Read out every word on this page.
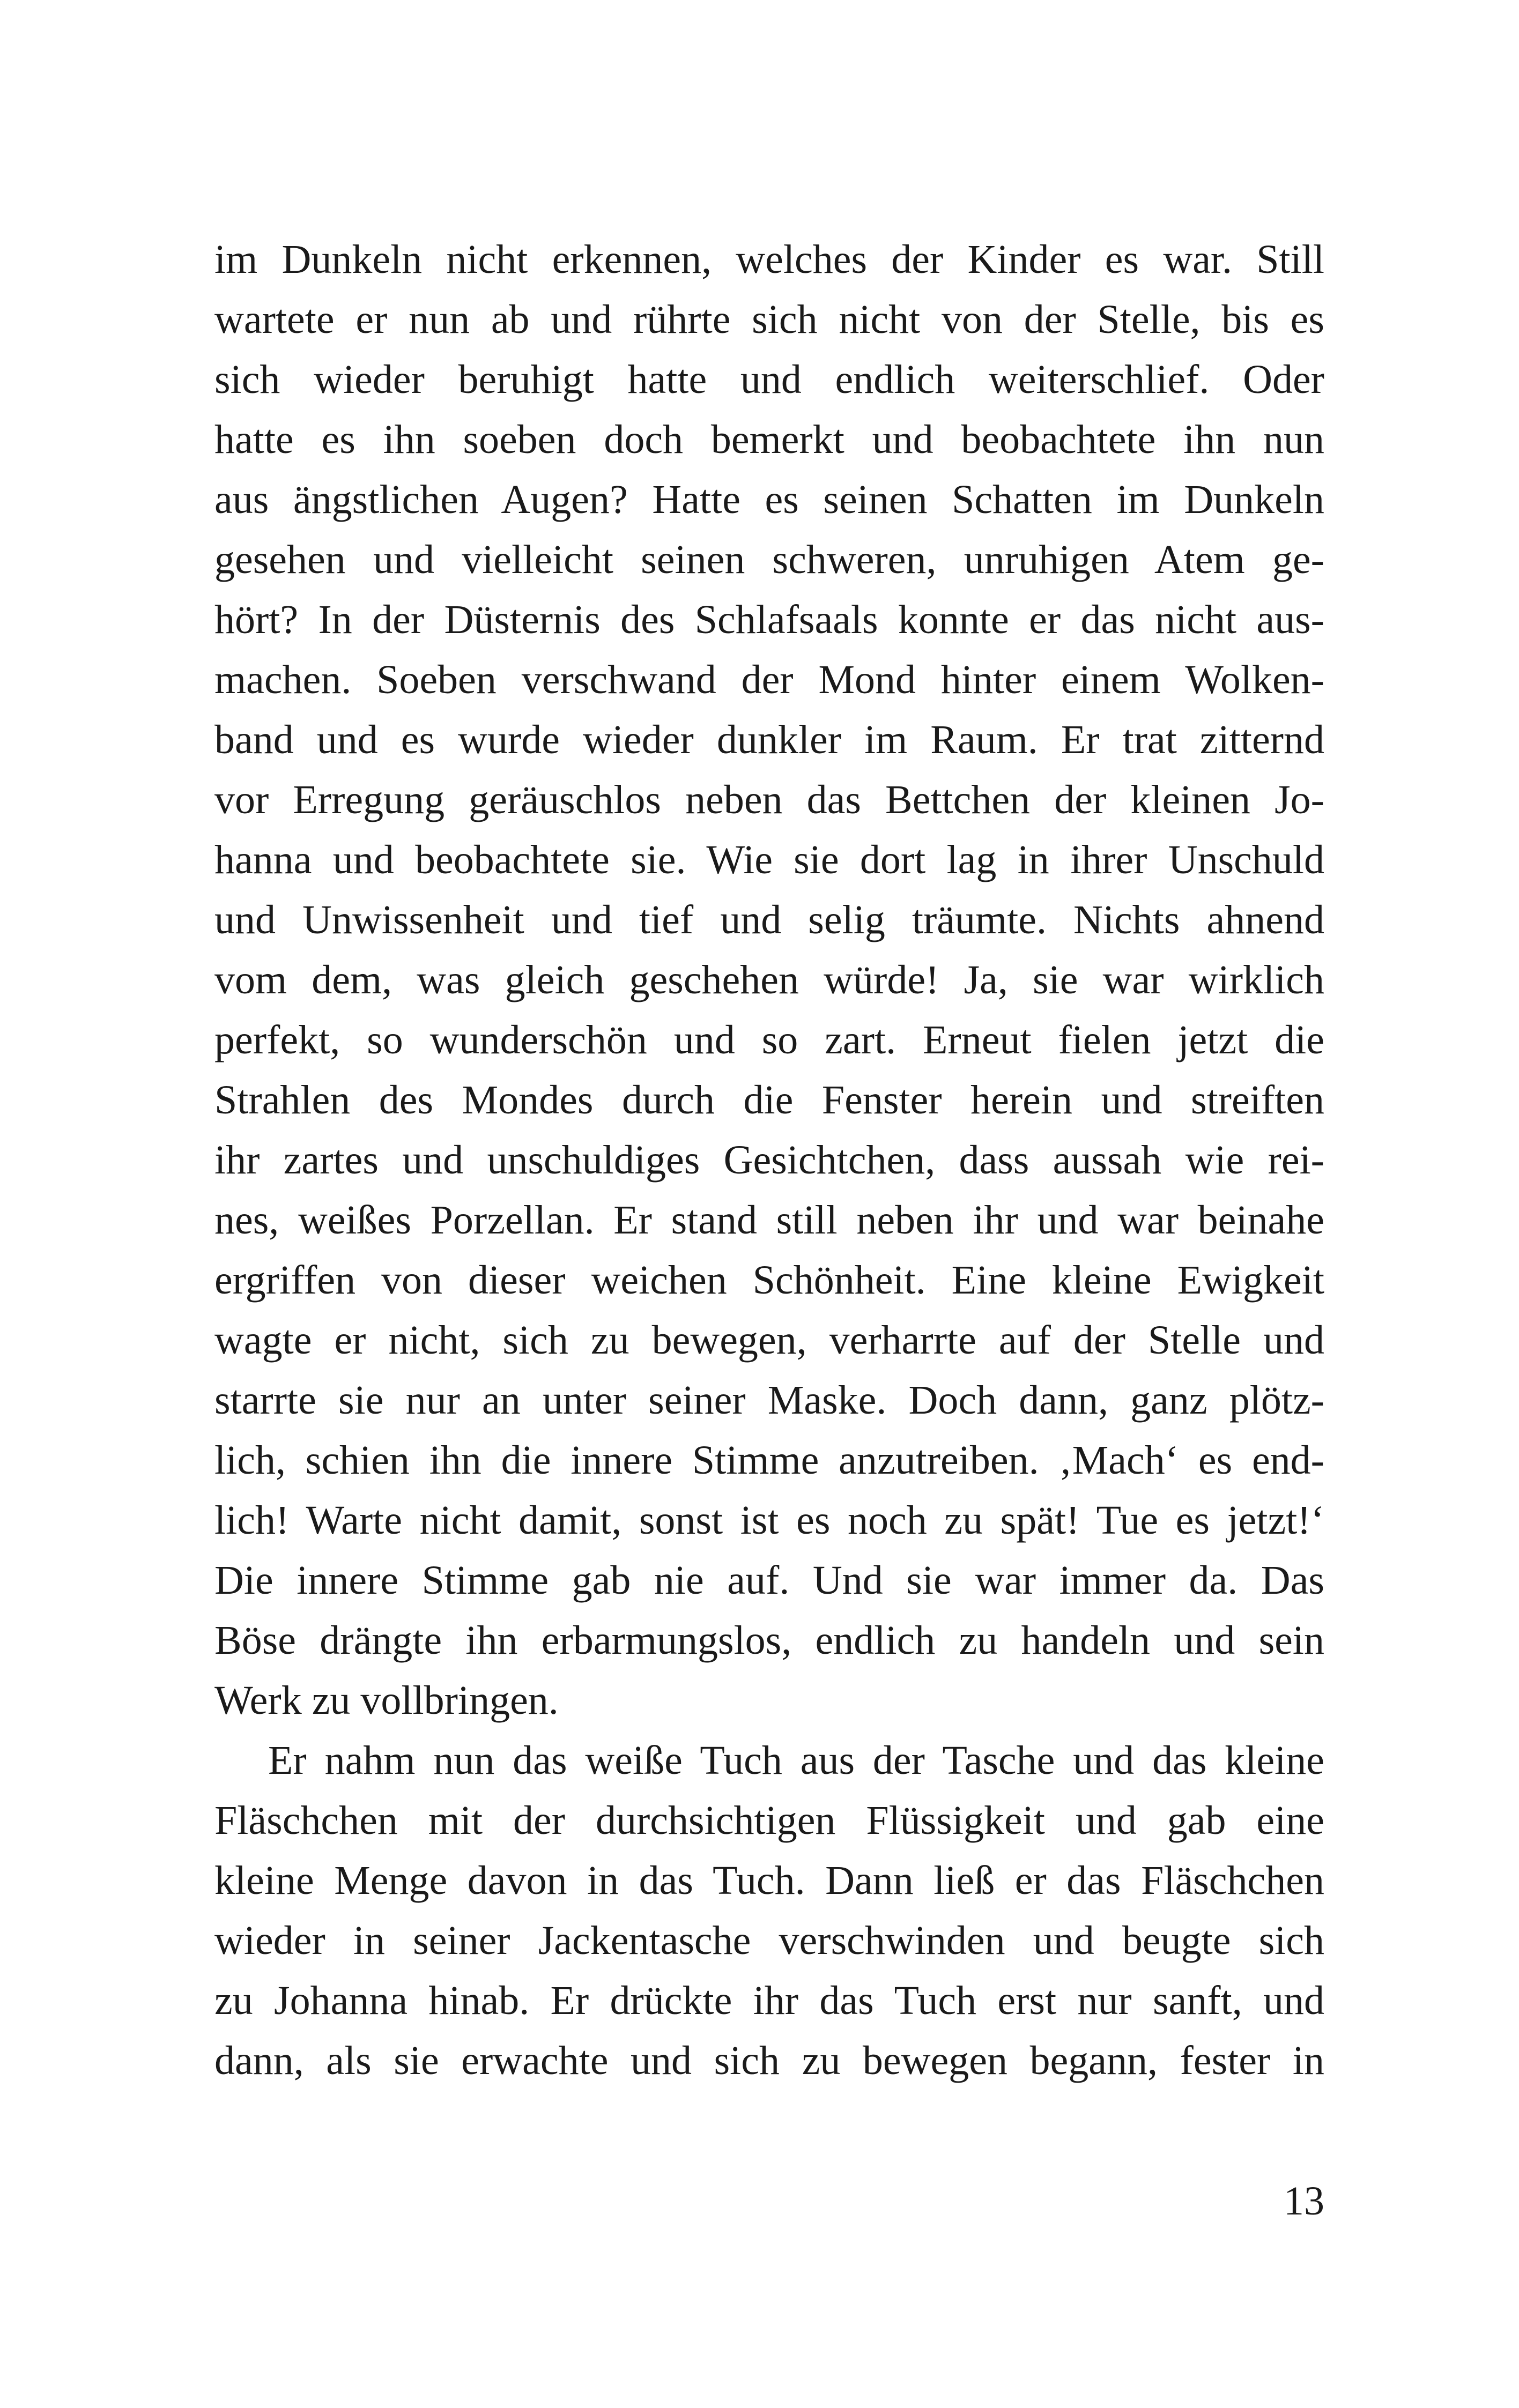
im Dunkeln nicht erkennen, welches der Kinder es war. Still
wartete er nun ab und rührte sich nicht von der Stelle, bis es
sich wieder beruhigt hatte und endlich weiterschlief. Oder
hatte es ihn soeben doch bemerkt und beobachtete ihn nun
aus ängstlichen Augen? Hatte es seinen Schatten im Dunkeln
gesehen und vielleicht seinen schweren, unruhigen Atem ge-
hört? In der Düsternis des Schlafsaals konnte er das nicht aus-
machen. Soeben verschwand der Mond hinter einem Wolken-
band und es wurde wieder dunkler im Raum. Er trat zitternd
vor Erregung geräuschlos neben das Bettchen der kleinen Jo-
hanna und beobachtete sie. Wie sie dort lag in ihrer Unschuld
und Unwissenheit und tief und selig träumte. Nichts ahnend
vom dem, was gleich geschehen würde! Ja, sie war wirklich
perfekt, so wunderschön und so zart. Erneut fielen jetzt die
Strahlen des Mondes durch die Fenster herein und streiften
ihr zartes und unschuldiges Gesichtchen, dass aussah wie rei-
nes, weißes Porzellan. Er stand still neben ihr und war beinahe
ergriffen von dieser weichen Schönheit. Eine kleine Ewigkeit
wagte er nicht, sich zu bewegen, verharrte auf der Stelle und
starrte sie nur an unter seiner Maske. Doch dann, ganz plötz-
lich, schien ihn die innere Stimme anzutreiben. ‚Mach‘ es end-
lich! Warte nicht damit, sonst ist es noch zu spät! Tue es jetzt!‘
Die innere Stimme gab nie auf. Und sie war immer da. Das
Böse drängte ihn erbarmungslos, endlich zu handeln und sein
Werk zu vollbringen.
Er nahm nun das weiße Tuch aus der Tasche und das kleine
Fläschchen mit der durchsichtigen Flüssigkeit und gab eine
kleine Menge davon in das Tuch. Dann ließ er das Fläschchen
wieder in seiner Jackentasche verschwinden und beugte sich
zu Johanna hinab. Er drückte ihr das Tuch erst nur sanft, und
dann, als sie erwachte und sich zu bewegen begann, fester in
13
